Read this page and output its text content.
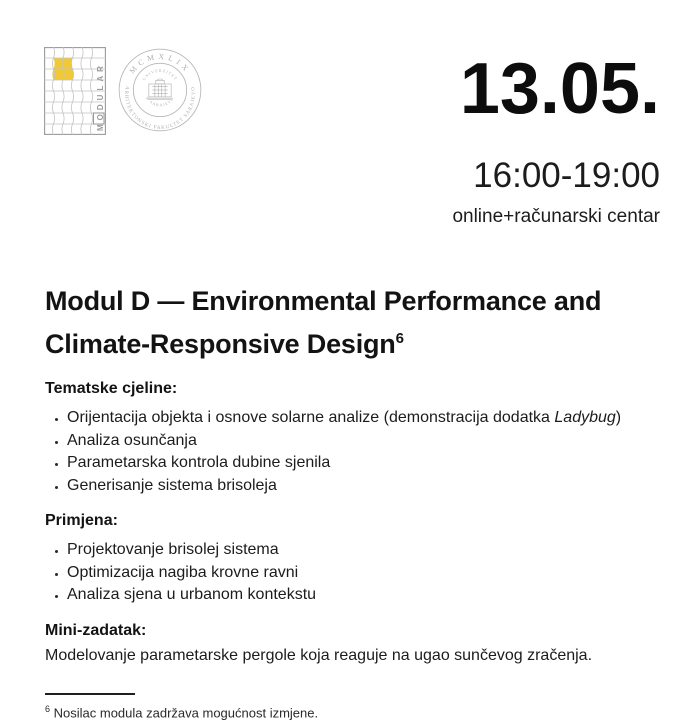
MODULAR	MCMXLIX
ARHITEKTONSKI FAKULTET SARAJEVO
UNIVERZITET
U SARAJEVU	13.05.
16:00-19:00
online+računarski centar
Modul D — Environmental Performance and
Climate-Responsive Design$^6$
Tematske cjeline:
Orijentacija objekta i osnove solarne analize (demonstracija dodatka Ladybug)
Analiza osunčanja
Parametarska kontrola dubine sjenila
Generisanje sistema brisoleja
Primjena:
Projektovanje brisolej sistema
Optimizacija nagiba krovne ravni
Analiza sjena u urbanom kontekstu
Mini-zadatak:
Modelovanje parametarske pergole koja reaguje na ugao sunčevog zračenja.
$^6$ Nosilac modula zadržava mogućnost izmjene.
